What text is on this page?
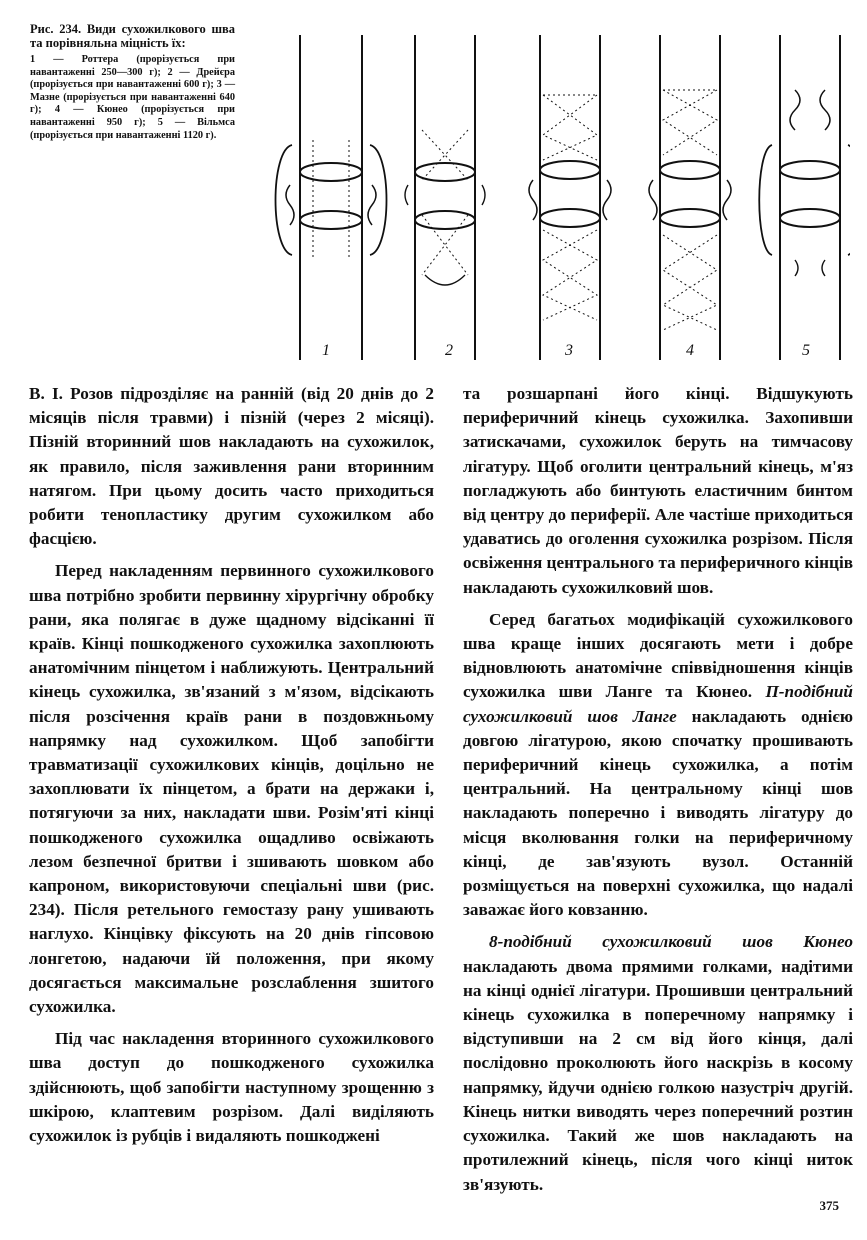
Рис. 234. Види сухожилкового шва та порівняльна міцність їх:
1 — Роттера (прорізується при навантаженні 250—300 г); 2 — Дрейєра (прорізується при навантаженні 600 г); 3 — Мазне (прорізується при навантаженні 640 г); 4 — Кюнео (прорізується при навантаженні 950 г); 5 — Вільмса (прорізується при навантаженні 1120 г).
1	2	3	4	5

В. І. Розов підрозділяє на ранній (від 20 днів до 2 місяців після травми) і пізній (через 2 місяці). Пізній вторинний шов накладають на сухожилок, як правило, після заживлення рани вторинним натягом. При цьому досить часто приходиться робити тенопластику другим сухожилком або фасцією.

Перед накладенням первинного сухожилкового шва потрібно зробити первинну хірургічну обробку рани, яка полягає в дуже щадному відсіканні її країв. Кінці пошкодженого сухожилка захоплюють анатомічним пінцетом і наближують. Центральний кінець сухожилка, зв'язаний з м'язом, відсікають після розсічення країв рани в поздовжньому напрямку над сухожилком. Щоб запобігти травматизації сухожилкових кінців, доцільно не захоплювати їх пінцетом, а брати на держаки і, потягуючи за них, накладати шви. Розім'яті кінці пошкодженого сухожилка ощадливо освіжають лезом безпечної бритви і зшивають шовком або капроном, використовуючи спеціальні шви (рис. 234). Після ретельного гемостазу рану ушивають наглухо. Кінцівку фіксують на 20 днів гіпсовою лонгетою, надаючи їй положення, при якому досягається максимальне розслаблення зшитого сухожилка.

Під час накладення вторинного сухожилкового шва доступ до пошкодженого сухожилка здійснюють, щоб запобігти наступному зрощенню з шкірою, клаптевим розрізом. Далі виділяють сухожилок із рубців і видаляють пошкоджені

та розшарпані його кінці. Відшукують периферичний кінець сухожилка. Захопивши затискачами, сухожилок беруть на тимчасову лігатуру. Щоб оголити центральний кінець, м'яз погладжують або бинтують еластичним бинтом від центру до периферії. Але частіше приходиться удаватись до оголення сухожилка розрізом. Після освіження центрального та периферичного кінців накладають сухожилковий шов.

Серед багатьох модифікацій сухожилкового шва краще інших досягають мети і добре відновлюють анатомічне співвідношення кінців сухожилка шви Ланге та Кюнео. П-подібний сухожилковий шов Ланге накладають однією довгою лігатурою, якою спочатку прошивають периферичний кінець сухожилка, а потім центральний. На центральному кінці шов накладають поперечно і виводять лігатуру до місця вколювання голки на периферичному кінці, де зав'язують вузол. Останній розміщується на поверхні сухожилка, що надалі заважає його ковзанню.

8-подібний сухожилковий шов Кюнео накладають двома прямими голками, надітими на кінці однієї лігатури. Прошивши центральний кінець сухожилка в поперечному напрямку і відступивши на 2 см від його кінця, далі послідовно проколюють його наскрізь в косому напрямку, йдучи однією голкою назустріч другій. Кінець нитки виводять через поперечний розтин сухожилка. Такий же шов накладають на протилежний кінець, після чого кінці ниток зв'язують.

375
